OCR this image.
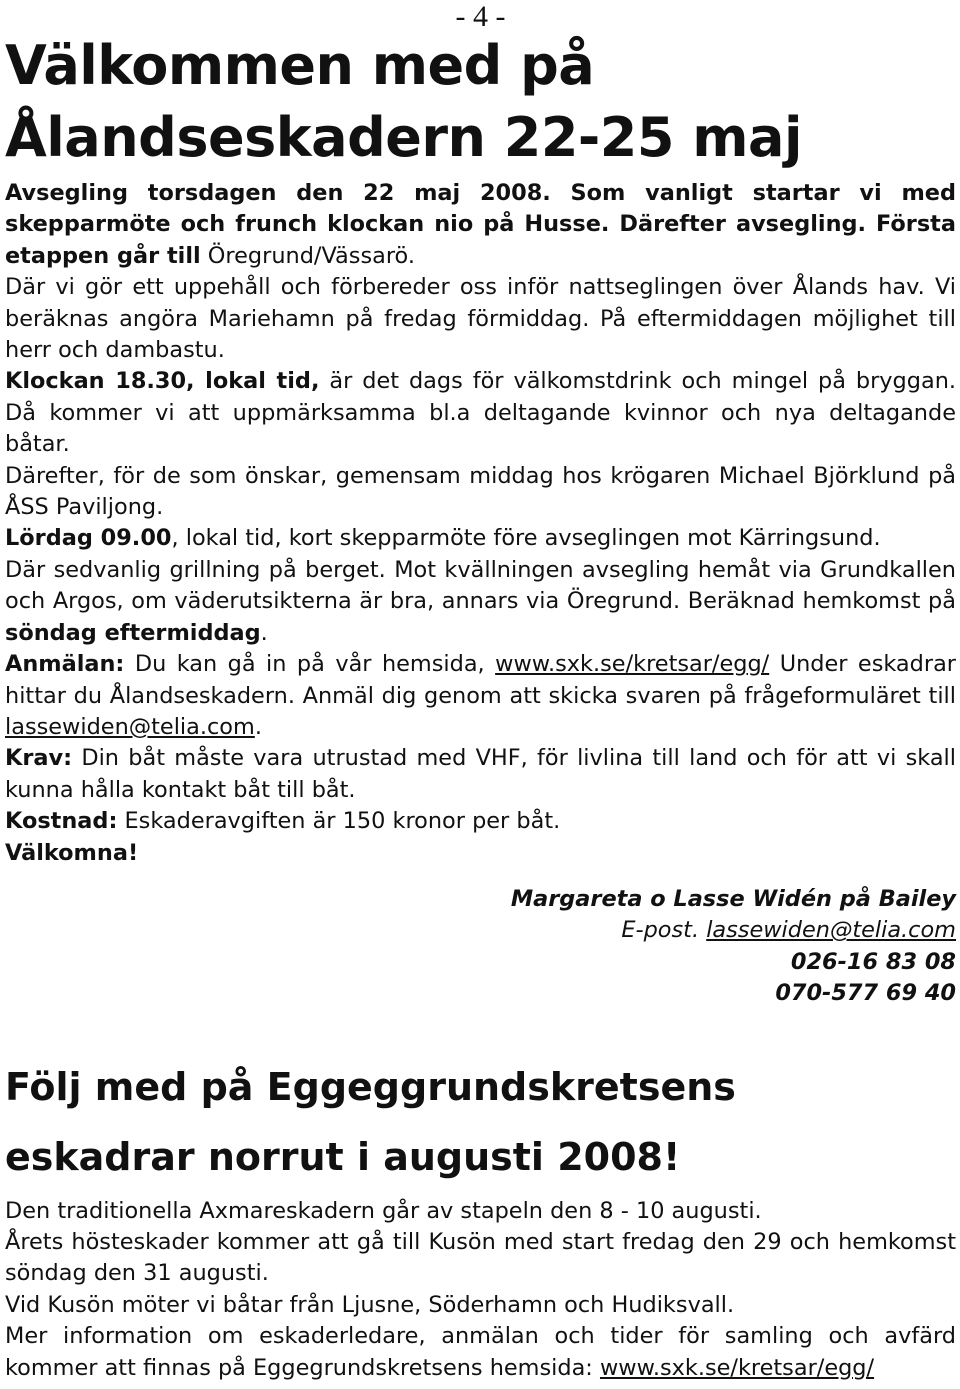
- 4 -
Välkommen med på
Ålandseskadern 22-25 maj

Avsegling torsdagen den 22 maj 2008. Som vanligt startar vi med skepparmöte och frunch klockan nio på Husse. Därefter avsegling. Första etappen går till Öregrund/Vässarö.

Där vi gör ett uppehåll och förbereder oss inför nattseglingen över Ålands hav. Vi beräknas angöra Mariehamn på fredag förmiddag. På eftermiddagen möjlighet till herr och dambastu.

Klockan 18.30, lokal tid, är det dags för välkomstdrink och mingel på bryggan. Då kommer vi att uppmärksamma bl.a deltagande kvinnor och nya deltagande båtar.

Därefter, för de som önskar, gemensam middag hos krögaren Michael Björklund på ÅSS Paviljong.

Lördag 09.00, lokal tid, kort skepparmöte före avseglingen mot Kärringsund.

Där sedvanlig grillning på berget. Mot kvällningen avsegling hemåt via Grundkallen och Argos, om väderutsikterna är bra, annars via Öregrund. Beräknad hemkomst på söndag eftermiddag.

Anmälan: Du kan gå in på vår hemsida, www.sxk.se/kretsar/egg/ Under eskadrar hittar du Ålandseskadern. Anmäl dig genom att skicka svaren på frågeformuläret till lassewiden@telia.com.

Krav: Din båt måste vara utrustad med VHF, för livlina till land och för att vi skall kunna hålla kontakt båt till båt.

Kostnad: Eskaderavgiften är 150 kronor per båt.

Välkomna!

Margareta o Lasse Widén på Bailey
E-post. lassewiden@telia.com
026-16 83 08
070-577 69 40
Följ med på Eggeggrundskretsens
eskadrar norrut i augusti 2008!

Den traditionella Axmareskadern går av stapeln den 8 - 10 augusti.

Årets hösteskader kommer att gå till Kusön med start fredag den 29 och hemkomst söndag den 31 augusti.

Vid Kusön möter vi båtar från Ljusne, Söderhamn och Hudiksvall.

Mer information om eskaderledare, anmälan och tider för samling och avfärd kommer att finnas på Eggegrundskretsens hemsida: www.sxk.se/kretsar/egg/
